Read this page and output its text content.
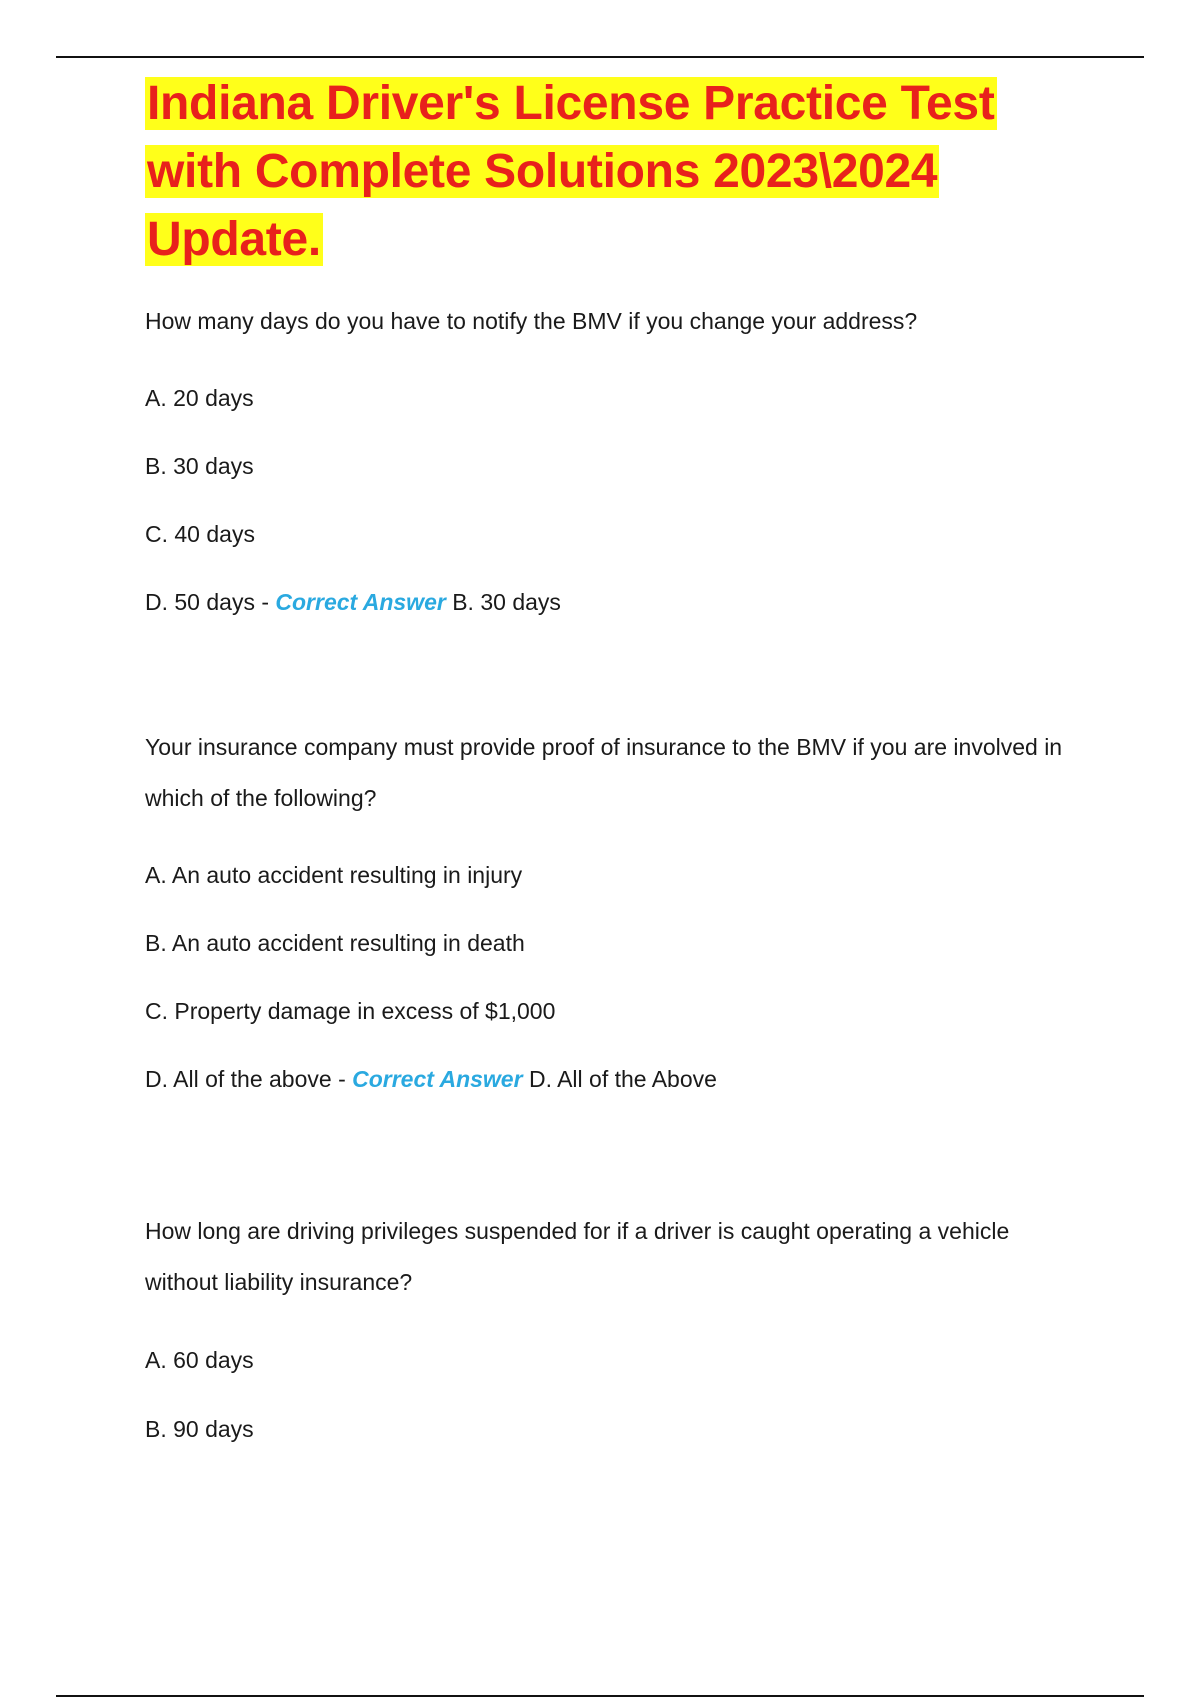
Indiana Driver's License Practice Test with Complete Solutions 2023\2024 Update.

How many days do you have to notify the BMV if you change your address?

A. 20 days

B. 30 days

C. 40 days

D. 50 days - Correct Answer B. 30 days

Your insurance company must provide proof of insurance to the BMV if you are involved in which of the following?

A. An auto accident resulting in injury

B. An auto accident resulting in death

C. Property damage in excess of $1,000

D. All of the above - Correct Answer D. All of the Above

How long are driving privileges suspended for if a driver is caught operating a vehicle without liability insurance?

A. 60 days

B. 90 days
